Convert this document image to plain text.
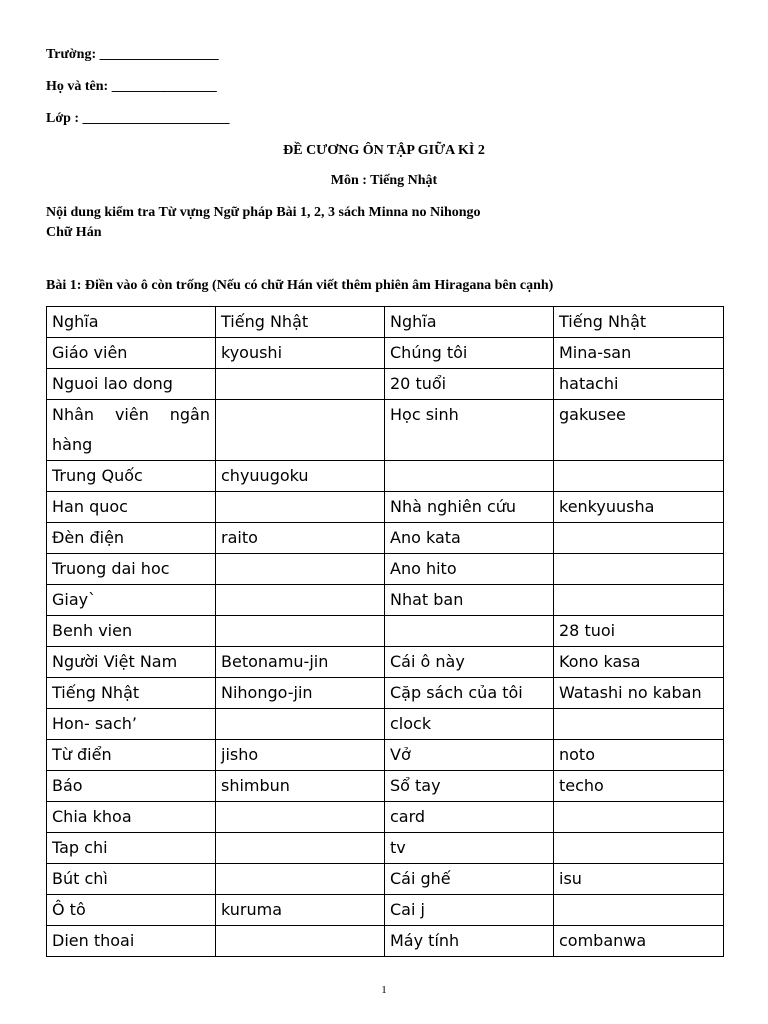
Trường: _________________
Họ và tên: _______________
Lớp : _____________________
ĐỀ CƯƠNG ÔN TẬP GIỮA KÌ 2
Môn : Tiếng Nhật
Nội dung kiểm tra Từ vựng Ngữ pháp Bài 1, 2, 3 sách Minna no Nihongo
Chữ Hán
Bài 1: Điền vào ô còn trống (Nếu có chữ Hán viết thêm phiên âm Hiragana bên cạnh)
Nghĩa	Tiếng Nhật	Nghĩa	Tiếng Nhật
Giáo viên	kyoushi	Chúng tôi	Mina-san
Nguoi lao dong		20 tuổi	hatachi
Nhân viên ngân hàng		Học sinh	gakusee
Trung Quốc	chyuugoku		
Han quoc		Nhà nghiên cứu	kenkyuusha
Đèn điện	raito	Ano kata	
Truong dai hoc		Ano hito	
Giay`		Nhat ban	
Benh vien			28 tuoi
Người Việt Nam	Betonamu-jin	Cái ô này	Kono kasa
Tiếng Nhật	Nihongo-jin	Cặp sách của tôi	Watashi no kaban
Hon- sach’		clock	
Từ điển	jisho	Vở	noto
Báo	shimbun	Sổ tay	techo
Chia khoa		card	
Tap chi		tv	
Bút chì		Cái ghế	isu
Ô tô	kuruma	Cai j	
Dien thoai		Máy tính	combanwa
1
